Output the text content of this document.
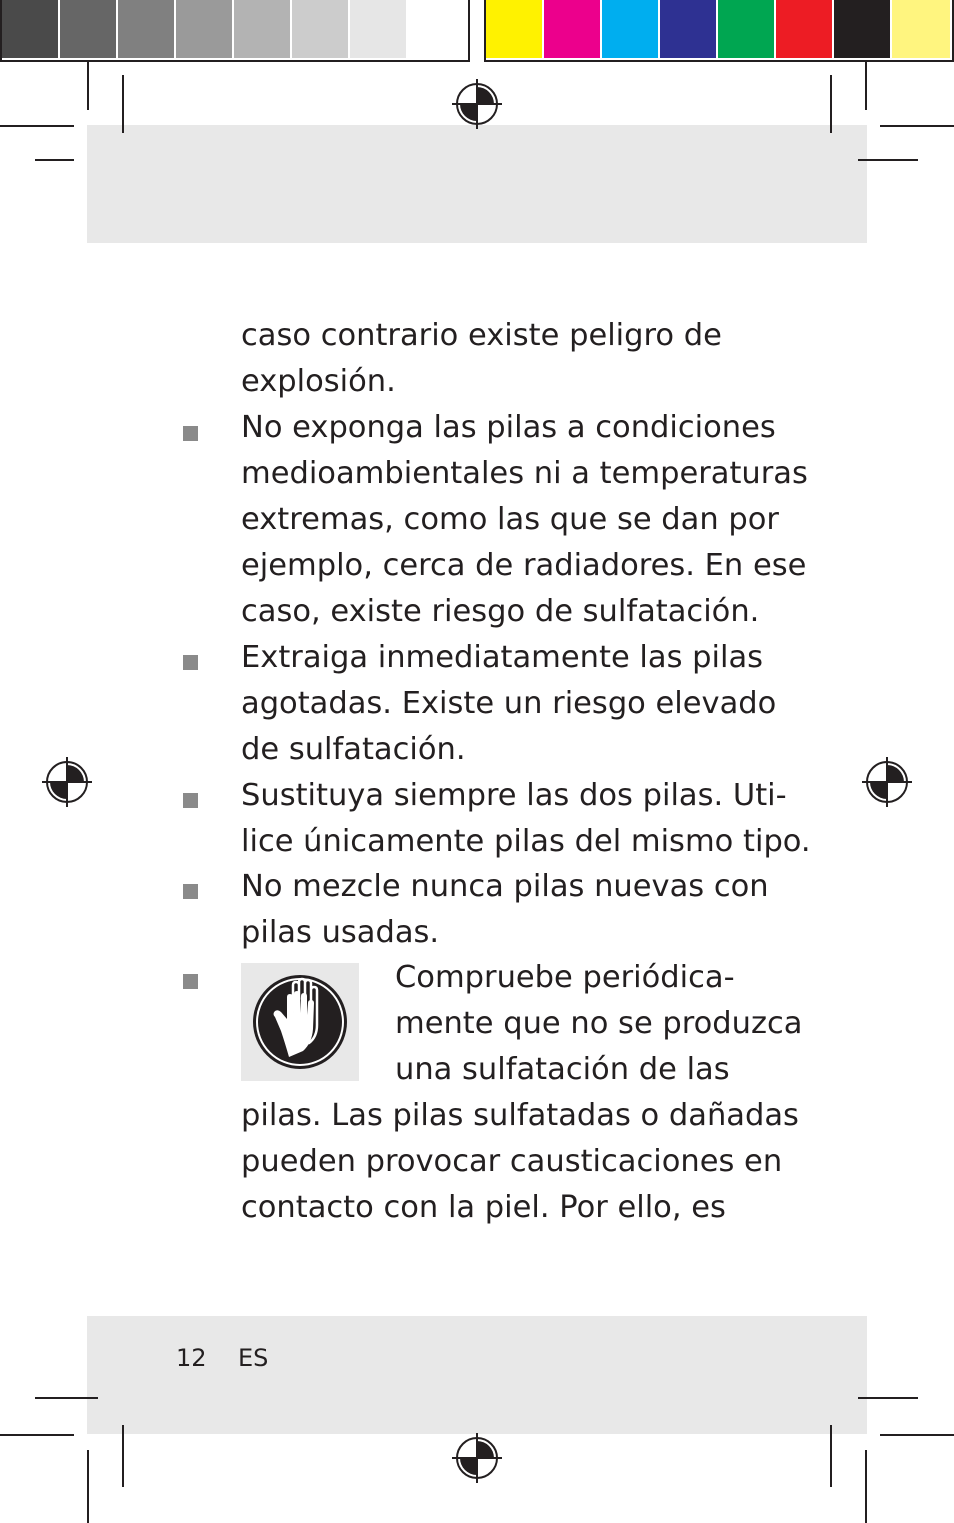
caso contrario existe peligro de
explosión.
No exponga las pilas a condiciones
medioambientales ni a temperaturas
extremas, como las que se dan por
ejemplo, cerca de radiadores. En ese
caso, existe riesgo de sulfatación.
Extraiga inmediatamente las pilas
agotadas. Existe un riesgo elevado
de sulfatación.
Sustituya siempre las dos pilas. Uti-
lice únicamente pilas del mismo tipo.
No mezcle nunca pilas nuevas con
pilas usadas.
Compruebe periódica-
mente que no se produzca
una sulfatación de las
pilas. Las pilas sulfatadas o dañadas
pueden provocar causticaciones en
contacto con la piel. Por ello, es
12 ES
